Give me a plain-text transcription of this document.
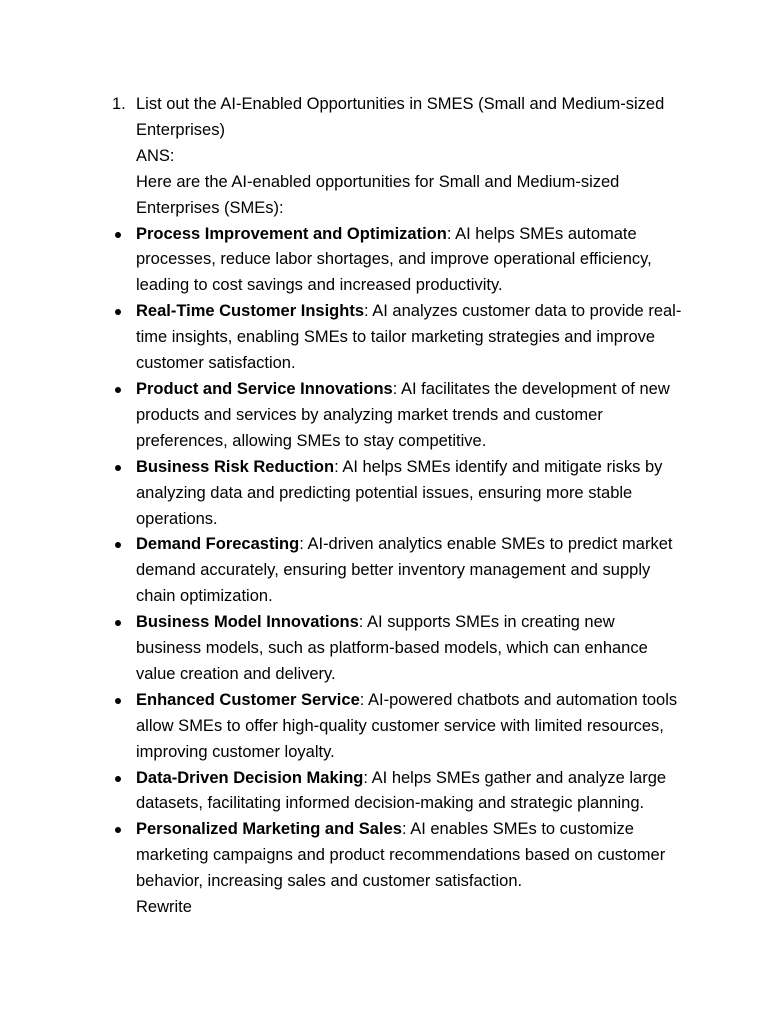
1. List out the AI-Enabled Opportunities in SMES (Small and Medium-sized Enterprises)
ANS:
Here are the AI-enabled opportunities for Small and Medium-sized Enterprises (SMEs):
Process Improvement and Optimization: AI helps SMEs automate processes, reduce labor shortages, and improve operational efficiency, leading to cost savings and increased productivity.
Real-Time Customer Insights: AI analyzes customer data to provide real-time insights, enabling SMEs to tailor marketing strategies and improve customer satisfaction.
Product and Service Innovations: AI facilitates the development of new products and services by analyzing market trends and customer preferences, allowing SMEs to stay competitive.
Business Risk Reduction: AI helps SMEs identify and mitigate risks by analyzing data and predicting potential issues, ensuring more stable operations.
Demand Forecasting: AI-driven analytics enable SMEs to predict market demand accurately, ensuring better inventory management and supply chain optimization.
Business Model Innovations: AI supports SMEs in creating new business models, such as platform-based models, which can enhance value creation and delivery.
Enhanced Customer Service: AI-powered chatbots and automation tools allow SMEs to offer high-quality customer service with limited resources, improving customer loyalty.
Data-Driven Decision Making: AI helps SMEs gather and analyze large datasets, facilitating informed decision-making and strategic planning.
Personalized Marketing and Sales: AI enables SMEs to customize marketing campaigns and product recommendations based on customer behavior, increasing sales and customer satisfaction.
Rewrite
